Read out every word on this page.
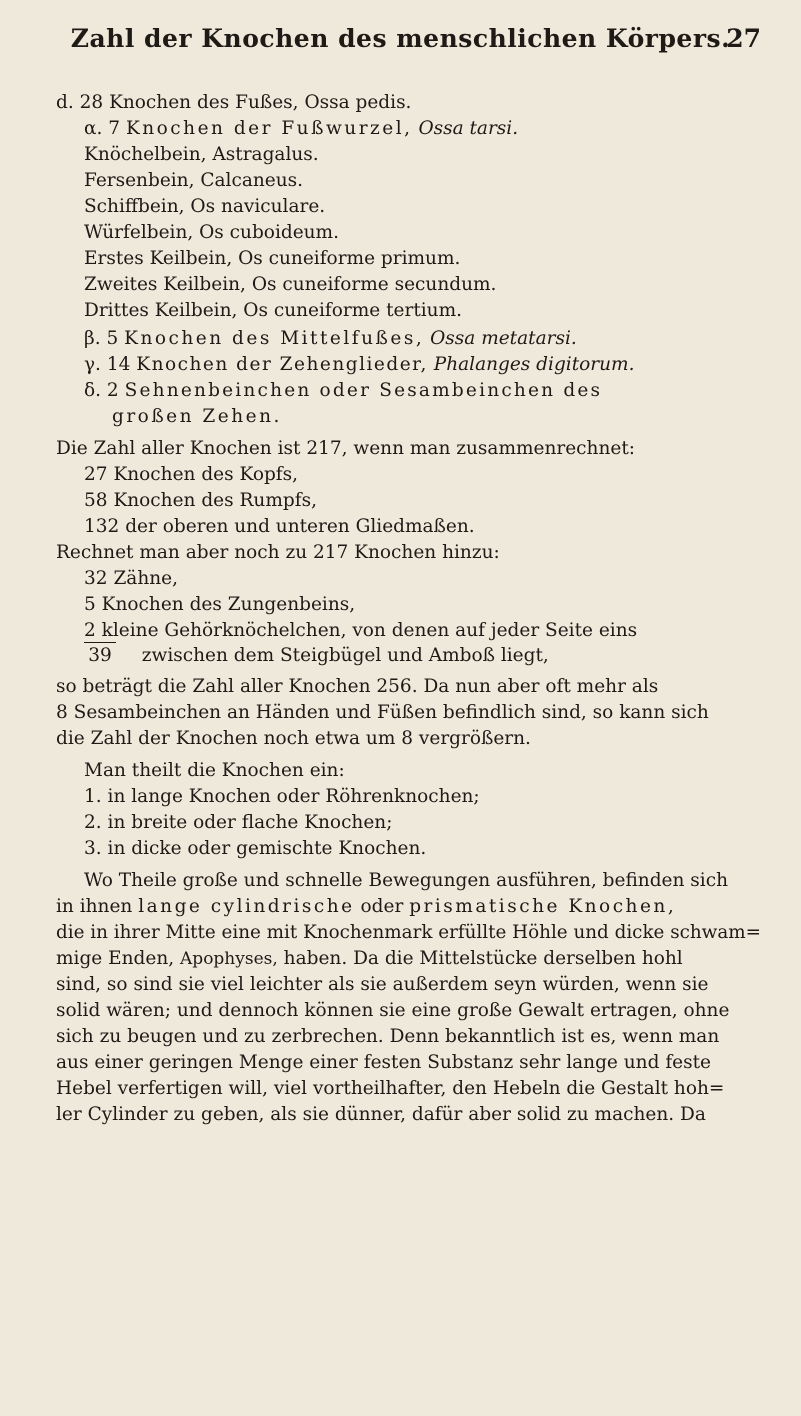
Zahl der Knochen des menschlichen Körpers.
27
d. 28 Knochen des Fußes, Ossa pedis.
α. 7 Knochen der Fußwurzel, Ossa tarsi.
Knöchelbein, Astragalus.
Fersenbein, Calcaneus.
Schiffbein, Os naviculare.
Würfelbein, Os cuboideum.
Erstes Keilbein, Os cuneiforme primum.
Zweites Keilbein, Os cuneiforme secundum.
Drittes Keilbein, Os cuneiforme tertium.
β. 5 Knochen des Mittelfußes, Ossa metatarsi.
γ. 14 Knochen der Zehenglieder, Phalanges digitorum.
δ. 2 Sehnenbeinchen oder Sesambeinchen des
großen Zehen.
Die Zahl aller Knochen ist 217, wenn man zusammenrechnet:
27 Knochen des Kopfs,
58 Knochen des Rumpfs,
132 der oberen und unteren Gliedmaßen.
Rechnet man aber noch zu 217 Knochen hinzu:
32 Zähne,
5 Knochen des Zungenbeins,
2 kleine Gehörknöchelchen, von denen auf jeder Seite eins
39 zwischen dem Steigbügel und Amboß liegt,
so beträgt die Zahl aller Knochen 256. Da nun aber oft mehr als
8 Sesambeinchen an Händen und Füßen befindlich sind, so kann sich
die Zahl der Knochen noch etwa um 8 vergrößern.
Man theilt die Knochen ein:
1. in lange Knochen oder Röhrenknochen;
2. in breite oder flache Knochen;
3. in dicke oder gemischte Knochen.
Wo Theile große und schnelle Bewegungen ausführen, befinden sich
in ihnen lange cylindrische oder prismatische Knochen,
die in ihrer Mitte eine mit Knochenmark erfüllte Höhle und dicke schwam=
mige Enden, Apophyses, haben. Da die Mittelstücke derselben hohl
sind, so sind sie viel leichter als sie außerdem seyn würden, wenn sie
solid wären; und dennoch können sie eine große Gewalt ertragen, ohne
sich zu beugen und zu zerbrechen. Denn bekanntlich ist es, wenn man
aus einer geringen Menge einer festen Substanz sehr lange und feste
Hebel verfertigen will, viel vortheilhafter, den Hebeln die Gestalt hoh=
ler Cylinder zu geben, als sie dünner, dafür aber solid zu machen. Da
